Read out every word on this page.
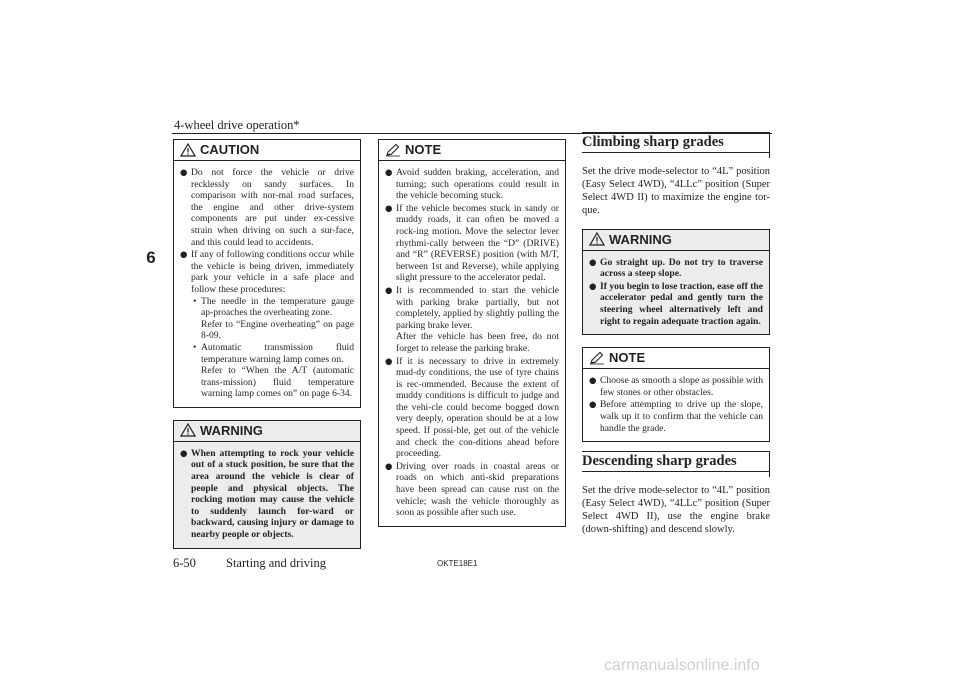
4-wheel drive operation*
6
CAUTION
● Do not force the vehicle or drive recklessly on sandy surfaces. In comparison with nor-mal road surfaces, the engine and other drive-system components are put under ex-cessive strain when driving on such a sur-face, and this could lead to accidents.
● If any of following conditions occur while the vehicle is being driven, immediately park your vehicle in a safe place and follow these procedures:
• The needle in the temperature gauge ap-proaches the overheating zone.
Refer to “Engine overheating” on page 8-09.
• Automatic transmission fluid temperature warning lamp comes on.
Refer to “When the A/T (automatic trans-mission) fluid temperature warning lamp comes on” on page 6-34.
WARNING
● When attempting to rock your vehicle out of a stuck position, be sure that the area around the vehicle is clear of people and physical objects. The rocking motion may cause the vehicle to suddenly launch for-ward or backward, causing injury or damage to nearby people or objects.
NOTE
● Avoid sudden braking, acceleration, and turning; such operations could result in the vehicle becoming stuck.
● If the vehicle becomes stuck in sandy or muddy roads, it can often be moved a rock-ing motion. Move the selector lever rhythmi-cally between the “D” (DRIVE) and “R” (REVERSE) position (with M/T, between 1st and Reverse), while applying slight pressure to the accelerator pedal.
● It is recommended to start the vehicle with parking brake partially, but not completely, applied by slightly pulling the parking brake lever.
After the vehicle has been free, do not forget to release the parking brake.
● If it is necessary to drive in extremely mud-dy conditions, the use of tyre chains is rec-ommended. Because the extent of muddy conditions is difficult to judge and the vehi-cle could become bogged down very deeply, operation should be at a low speed. If possi-ble, get out of the vehicle and check the con-ditions ahead before proceeding.
● Driving over roads in coastal areas or roads on which anti-skid preparations have been spread can cause rust on the vehicle; wash the vehicle thoroughly as soon as possible after such use.
Climbing sharp grades
Set the drive mode-selector to “4L” position (Easy Select 4WD), “4LLc” position (Super Select 4WD II) to maximize the engine tor-que.
WARNING
● Go straight up. Do not try to traverse across a steep slope.
● If you begin to lose traction, ease off the accelerator pedal and gently turn the steering wheel alternatively left and right to regain adequate traction again.
NOTE
● Choose as smooth a slope as possible with few stones or other obstacles.
● Before attempting to drive up the slope, walk up it to confirm that the vehicle can handle the grade.
Descending sharp grades
Set the drive mode-selector to “4L” position (Easy Select 4WD), “4LLc” position (Super Select 4WD II), use the engine brake (down-shifting) and descend slowly.
6-50 Starting and driving	OKTE18E1
carmanualsonline.info
